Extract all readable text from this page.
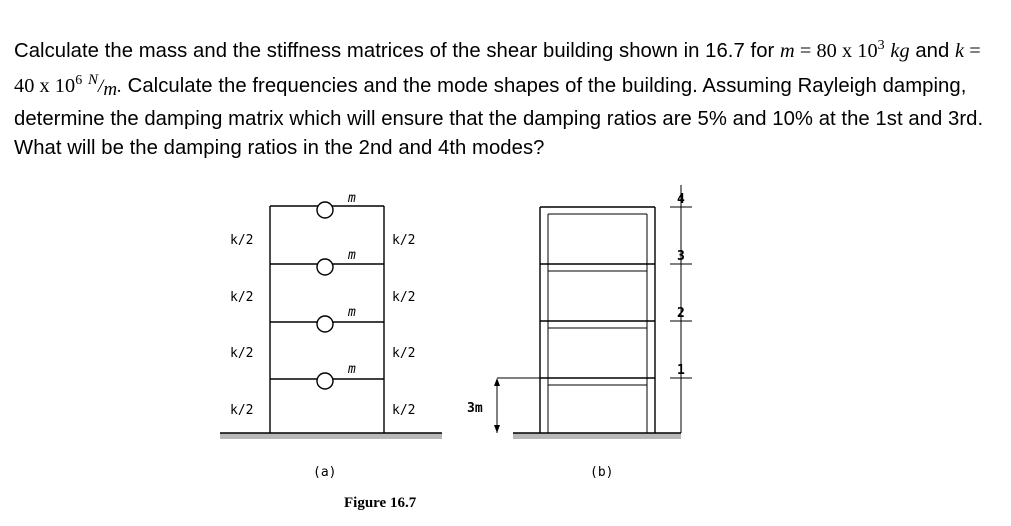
Calculate the mass and the stiffness matrices of the shear building shown in 16.7 for m = 80 x $10^3$ kg and k = 40 x $10^6$ $^N/_m$. Calculate the frequencies and the mode shapes of the building. Assuming Rayleigh damping, determine the damping matrix which will ensure that the damping ratios are 5% and 10% at the 1st and 3rd. What will be the damping ratios in the 2nd and 4th modes?
m
m
m
m
k/2
k/2
k/2
k/2
k/2
k/2
k/2
k/2
(a)
3m
4
3
2
1
(b)
Figure 16.7
